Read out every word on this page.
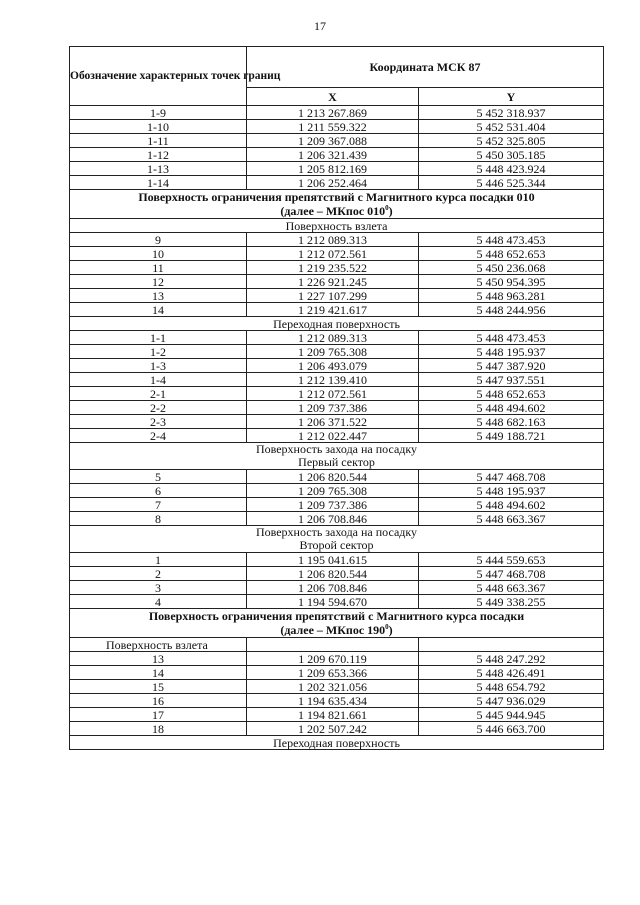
17
Обозначение характерных точек границ	Координата МСК 87	
	X	Y
1-9	1 213 267.869	5 452 318.937
1-10	1 211 559.322	5 452 531.404
1-11	1 209 367.088	5 452 325.805
1-12	1 206 321.439	5 450 305.185
1-13	1 205 812.169	5 448 423.924
1-14	1 206 252.464	5 446 525.344
Поверхность ограничения препятствий с Магнитного курса посадки 010
(далее – МКпос $010^0$)		
Поверхность взлета		
9	1 212 089.313	5 448 473.453
10	1 212 072.561	5 448 652.653
11	1 219 235.522	5 450 236.068
12	1 226 921.245	5 450 954.395
13	1 227 107.299	5 448 963.281
14	1 219 421.617	5 448 244.956
Переходная поверхность		
1-1	1 212 089.313	5 448 473.453
1-2	1 209 765.308	5 448 195.937
1-3	1 206 493.079	5 447 387.920
1-4	1 212 139.410	5 447 937.551
2-1	1 212 072.561	5 448 652.653
2-2	1 209 737.386	5 448 494.602
2-3	1 206 371.522	5 448 682.163
2-4	1 212 022.447	5 449 188.721
Поверхность захода на посадку
Первый сектор		
5	1 206 820.544	5 447 468.708
6	1 209 765.308	5 448 195.937
7	1 209 737.386	5 448 494.602
8	1 206 708.846	5 448 663.367
Поверхность захода на посадку
Второй сектор		
1	1 195 041.615	5 444 559.653
2	1 206 820.544	5 447 468.708
3	1 206 708.846	5 448 663.367
4	1 194 594.670	5 449 338.255
Поверхность ограничения препятствий с Магнитного курса посадки
(далее – МКпос $190^0$)		
Поверхность взлета		
13	1 209 670.119	5 448 247.292
14	1 209 653.366	5 448 426.491
15	1 202 321.056	5 448 654.792
16	1 194 635.434	5 447 936.029
17	1 194 821.661	5 445 944.945
18	1 202 507.242	5 446 663.700
Переходная поверхность		
